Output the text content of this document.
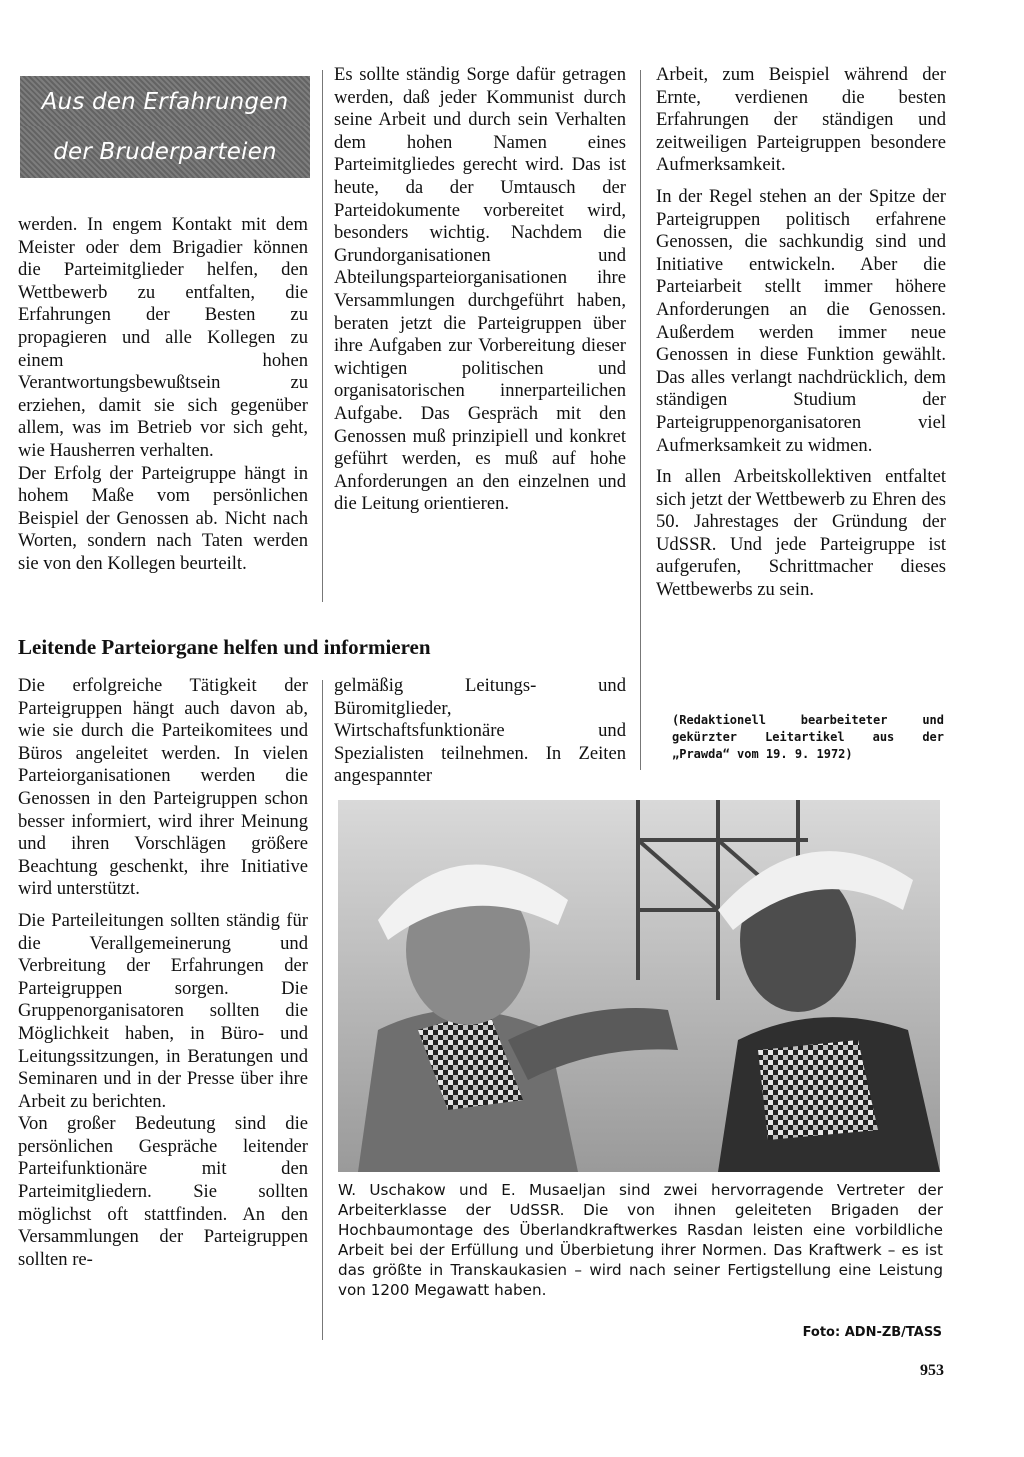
Aus den Erfahrungen
der Bruderparteien

werden. In engem Kontakt mit dem Meister oder dem Brigadier können die Parteimitglieder helfen, den Wettbewerb zu entfalten, die Erfahrungen der Besten zu propagieren und alle Kollegen zu einem hohen Verantwortungsbewußtsein zu erziehen, damit sie sich gegenüber allem, was im Betrieb vor sich geht, wie Hausherren verhalten.

Der Erfolg der Parteigruppe hängt in hohem Maße vom persönlichen Beispiel der Genossen ab. Nicht nach Worten, sondern nach Taten werden sie von den Kollegen beurteilt.

Es sollte ständig Sorge dafür getragen werden, daß jeder Kommunist durch seine Arbeit und durch sein Verhalten dem hohen Namen eines Parteimitgliedes gerecht wird. Das ist heute, da der Umtausch der Parteidokumente vorbereitet wird, besonders wichtig. Nachdem die Grundorganisationen und Abteilungsparteiorganisationen ihre Versammlungen durchgeführt haben, beraten jetzt die Parteigruppen über ihre Aufgaben zur Vorbereitung dieser wichtigen politischen und organisatorischen innerparteilichen Aufgabe. Das Gespräch mit den Genossen muß prinzipiell und konkret geführt werden, es muß auf hohe Anforderungen an den einzelnen und die Leitung orientieren.

Arbeit, zum Beispiel während der Ernte, verdienen die besten Erfahrungen der ständigen und zeitweiligen Parteigruppen besondere Aufmerksamkeit.

In der Regel stehen an der Spitze der Parteigruppen politisch erfahrene Genossen, die sachkundig sind und Initiative entwickeln. Aber die Parteiarbeit stellt immer höhere Anforderungen an die Genossen. Außerdem werden immer neue Genossen in diese Funktion gewählt. Das alles verlangt nachdrücklich, dem ständigen Studium der Parteigruppenorganisatoren viel Aufmerksamkeit zu widmen.

In allen Arbeitskollektiven entfaltet sich jetzt der Wettbewerb zu Ehren des 50. Jahrestages der Gründung der UdSSR. Und jede Parteigruppe ist aufgerufen, Schrittmacher dieses Wettbewerbs zu sein.

Leitende Parteiorgane helfen und informieren

Die erfolgreiche Tätigkeit der Parteigruppen hängt auch davon ab, wie sie durch die Parteikomitees und Büros angeleitet werden. In vielen Parteiorganisationen werden die Genossen in den Parteigruppen schon besser informiert, wird ihrer Meinung und ihren Vorschlägen größere Beachtung geschenkt, ihre Initiative wird unterstützt.

Die Parteileitungen sollten ständig für die Verallgemeinerung und Verbreitung der Erfahrungen der Parteigruppen sorgen. Die Gruppenorganisatoren sollten die Möglichkeit haben, in Büro- und Leitungssitzungen, in Beratungen und Seminaren und in der Presse über ihre Arbeit zu berichten.

Von großer Bedeutung sind die persönlichen Gespräche leitender Parteifunktionäre mit den Parteimitgliedern. Sie sollten möglichst oft stattfinden. An den Versammlungen der Parteigruppen sollten re-

gelmäßig Leitungs- und Büromitglieder, Wirtschaftsfunktionäre und Spezialisten teilnehmen. In Zeiten angespannter

(Redaktionell bearbeiteter und gekürzter Leitartikel aus der „Prawda“ vom 19. 9. 1972)
W. Uschakow und E. Musaeljan sind zwei hervorragende Vertreter der Arbeiterklasse der UdSSR. Die von ihnen geleiteten Brigaden der Hochbaumontage des Überlandkraftwerkes Rasdan leisten eine vorbildliche Arbeit bei der Erfüllung und Überbietung ihrer Normen. Das Kraftwerk – es ist das größte in Transkaukasien – wird nach seiner Fertigstellung eine Leistung von 1200 Megawatt haben.
Foto: ADN-ZB/TASS
953
